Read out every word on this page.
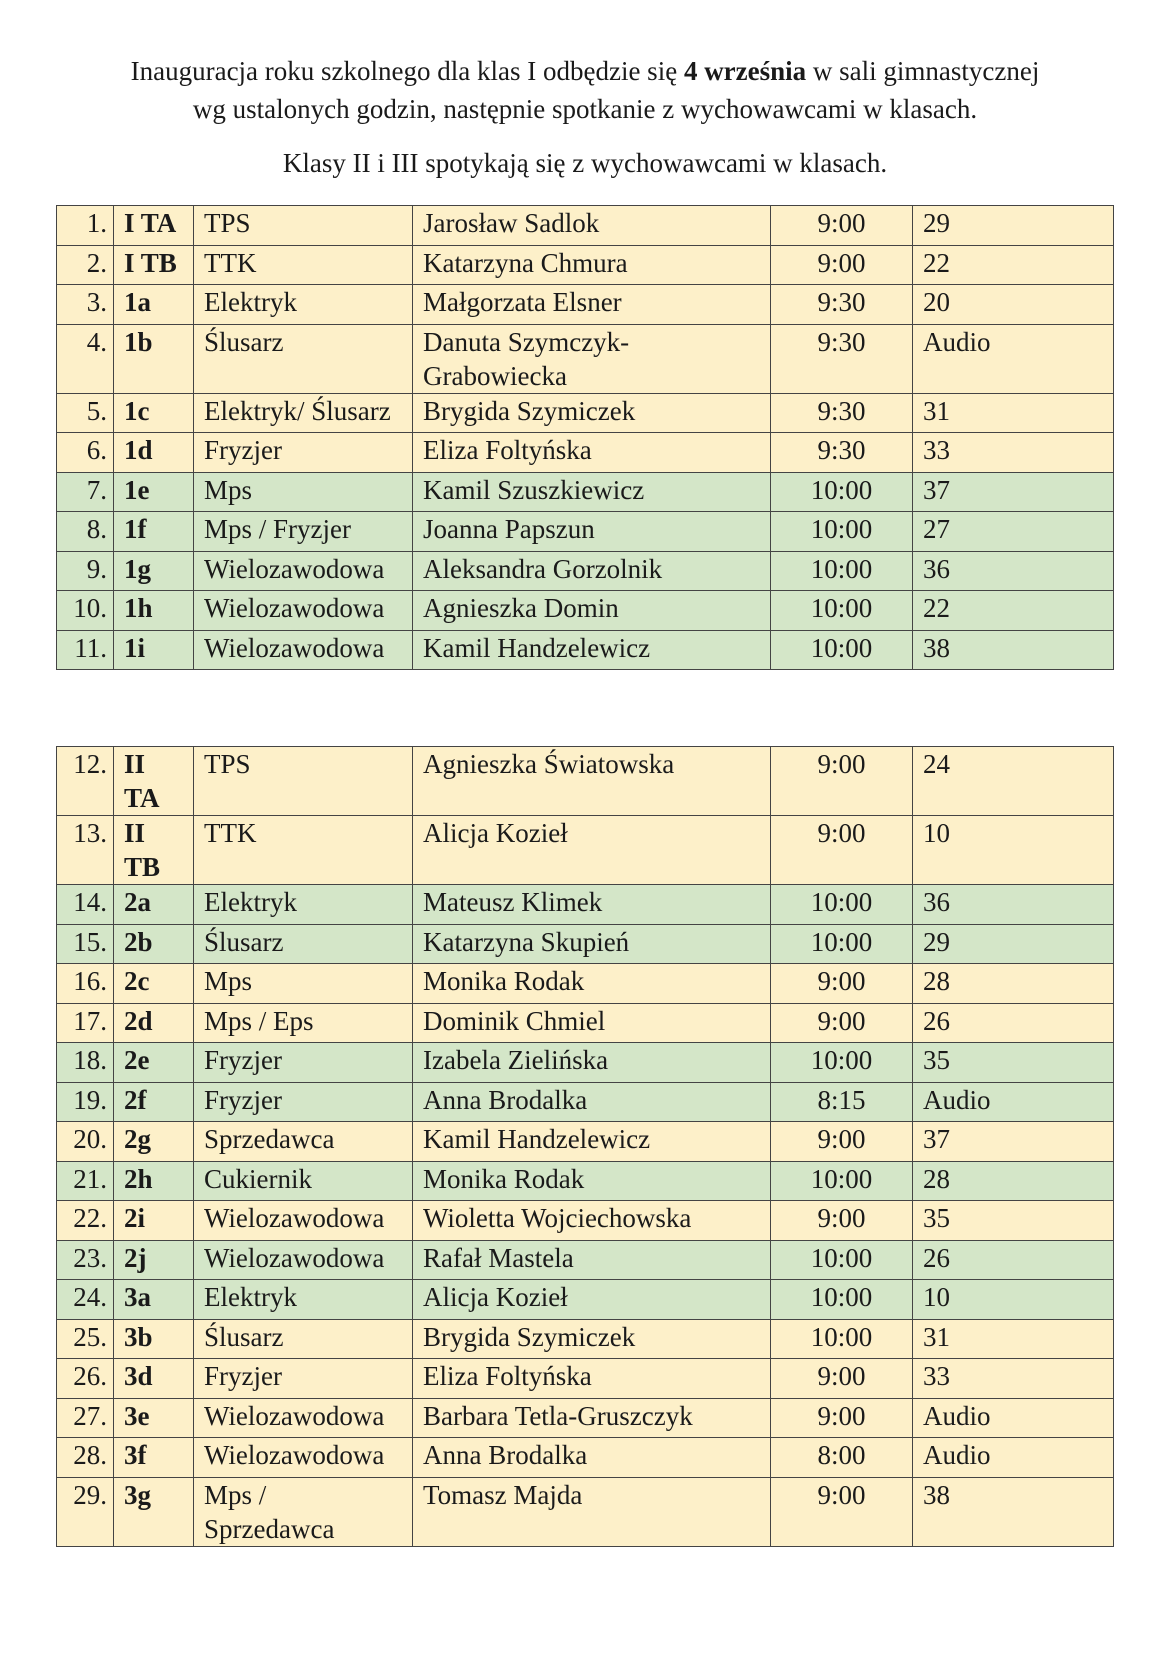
Inauguracja roku szkolnego dla klas I odbędzie się 4 września w sali gimnastycznej
wg ustalonych godzin, następnie spotkanie z wychowawcami w klasach.
Klasy II i III spotykają się z wychowawcami w klasach.
1.	I TA	TPS	Jarosław Sadlok	9:00	29
2.	I TB	TTK	Katarzyna Chmura	9:00	22
3.	1a	Elektryk	Małgorzata Elsner	9:30	20
4.	1b	Ślusarz	Danuta Szymczyk-Grabowiecka	9:30	Audio
5.	1c	Elektryk/ Ślusarz	Brygida Szymiczek	9:30	31
6.	1d	Fryzjer	Eliza Foltyńska	9:30	33
7.	1e	Mps	Kamil Szuszkiewicz	10:00	37
8.	1f	Mps / Fryzjer	Joanna Papszun	10:00	27
9.	1g	Wielozawodowa	Aleksandra Gorzolnik	10:00	36
10.	1h	Wielozawodowa	Agnieszka Domin	10:00	22
11.	1i	Wielozawodowa	Kamil Handzelewicz	10:00	38
12.	II TA	TPS	Agnieszka Światowska	9:00	24
13.	II TB	TTK	Alicja Kozieł	9:00	10
14.	2a	Elektryk	Mateusz Klimek	10:00	36
15.	2b	Ślusarz	Katarzyna Skupień	10:00	29
16.	2c	Mps	Monika Rodak	9:00	28
17.	2d	Mps / Eps	Dominik Chmiel	9:00	26
18.	2e	Fryzjer	Izabela Zielińska	10:00	35
19.	2f	Fryzjer	Anna Brodalka	8:15	Audio
20.	2g	Sprzedawca	Kamil Handzelewicz	9:00	37
21.	2h	Cukiernik	Monika Rodak	10:00	28
22.	2i	Wielozawodowa	Wioletta Wojciechowska	9:00	35
23.	2j	Wielozawodowa	Rafał Mastela	10:00	26
24.	3a	Elektryk	Alicja Kozieł	10:00	10
25.	3b	Ślusarz	Brygida Szymiczek	10:00	31
26.	3d	Fryzjer	Eliza Foltyńska	9:00	33
27.	3e	Wielozawodowa	Barbara Tetla-Gruszczyk	9:00	Audio
28.	3f	Wielozawodowa	Anna Brodalka	8:00	Audio
29.	3g	Mps / Sprzedawca	Tomasz Majda	9:00	38
